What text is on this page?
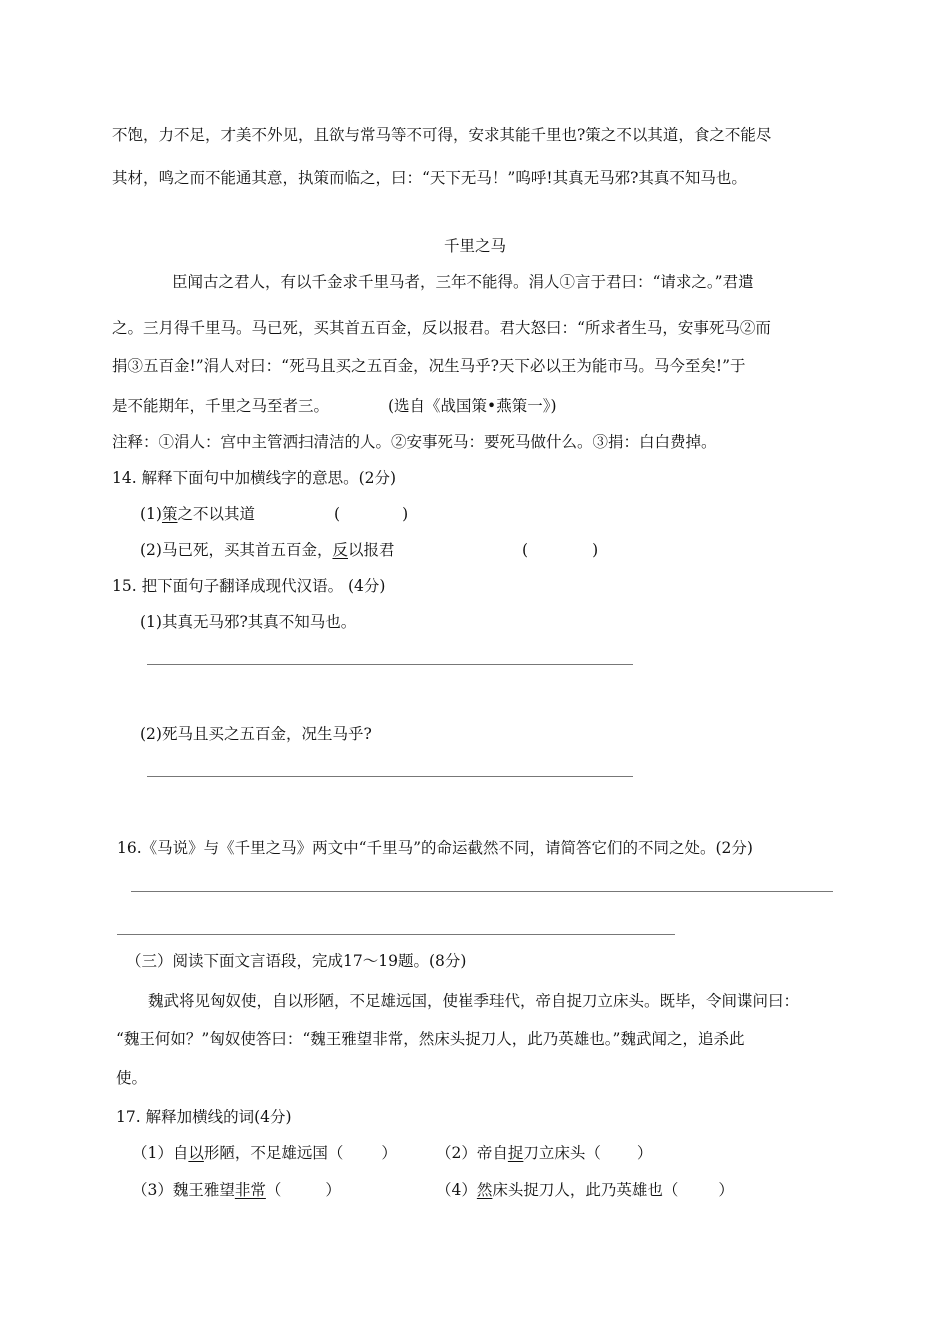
不饱，力不足，才美不外见，且欲与常马等不可得，安求其能千里也?策之不以其道，食之不能尽
其材，鸣之而不能通其意，执策而临之，曰：“天下无马！”呜呼!其真无马邪?其真不知马也。
千里之马
臣闻古之君人，有以千金求千里马者，三年不能得。涓人①言于君曰：“请求之。”君遣
之。三月得千里马。马已死，买其首五百金，反以报君。君大怒曰：“所求者生马，安事死马②而
捐③五百金!”涓人对曰：“死马且买之五百金，况生马乎?天下必以王为能市马。马今至矣!”于
是不能期年，千里之马至者三。	(选自《战国策•燕策一》)
注释：①涓人：宫中主管洒扫清洁的人。②安事死马：要死马做什么。③捐：白白费掉。
14. 解释下面句中加横线字的意思。(2分)
(1)策之不以其道	(	)
(2)马已死，买其首五百金，反以报君	(	)
15. 把下面句子翻译成现代汉语。 (4分)
(1)其真无马邪?其真不知马也。
(2)死马且买之五百金，况生马乎?
16.《马说》与《千里之马》两文中“千里马”的命运截然不同，请简答它们的不同之处。(2分)
（三）阅读下面文言语段，完成17～19题。(8分)
魏武将见匈奴使，自以形陋，不足雄远国，使崔季珪代，帝自捉刀立床头。既毕，令间谍问曰：
“魏王何如？”匈奴使答曰：“魏王雅望非常，然床头捉刀人，此乃英雄也。”魏武闻之，追杀此
使。
17. 解释加横线的词(4分)
（1）自以形陋，不足雄远国（ ）	（2）帝自捉刀立床头（ ）
（3）魏王雅望非常（	）	（4）然床头捉刀人，此乃英雄也（	）
